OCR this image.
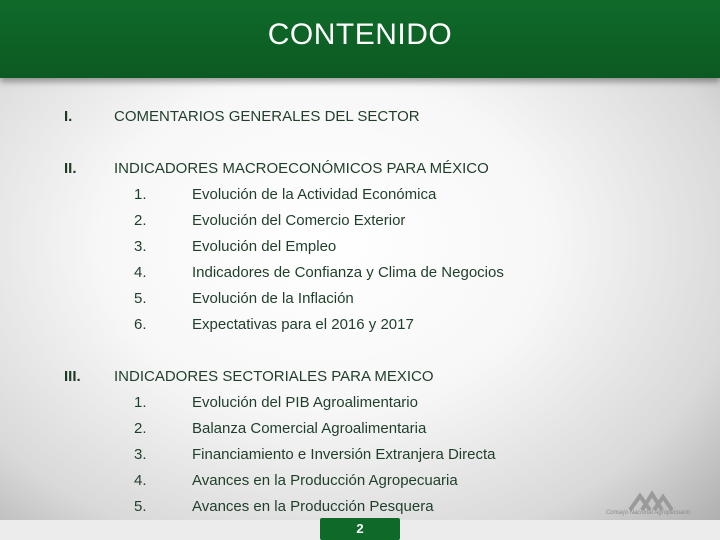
CONTENIDO
I.	COMENTARIOS GENERALES DEL SECTOR
II. INDICADORES MACROECONÓMICOS PARA MÉXICO
1.	Evolución de la Actividad Económica
2.	Evolución del Comercio Exterior
3.	Evolución del Empleo
4.	Indicadores de Confianza y Clima de Negocios
5.	Evolución de la Inflación
6.	Expectativas para el 2016 y 2017
III. INDICADORES SECTORIALES PARA MEXICO
1.	Evolución del PIB Agroalimentario
2.	Balanza Comercial Agroalimentaria
3.	Financiamiento e Inversión Extranjera Directa
4.	Avances en la Producción Agropecuaria
5.	Avances en la Producción Pesquera
2
Consejo Nacional Agropecuario
